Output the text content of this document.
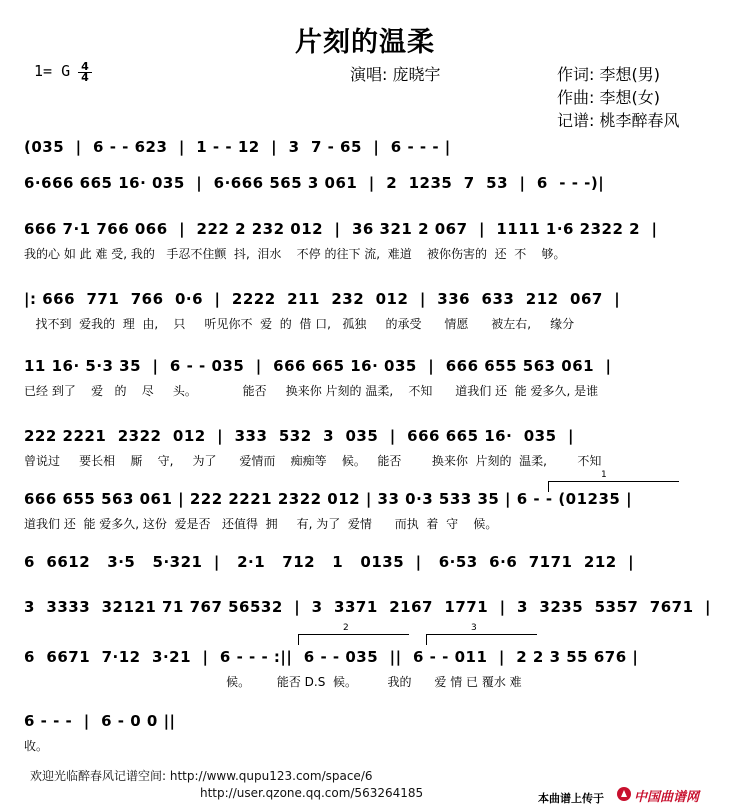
片刻的温柔
1= G 4
4	演唱: 庞晓宇	作词: 李想(男)
作曲: 李想(女)
记谱: 桃李醉春风
(035  |  6 - - 623  |  1 - - 12  |  3  7 - 65  |  6 - - - |
6·666 665 16· 035  |  6·666 565 3 061  |  2  1235  7  53  |  6  - - -)|
666 7·1 766 066  |  222 2 232 012  |  36 321 2 067  |  1111 1·6 2322 2  |
我的心 如 此 难 受, 我的   手忍不住颤  抖,  泪水    不停 的往下 流,  难道    被你伤害的  还  不    够。
|: 666  771  766  0·6  |  2222  211  232  012  |  336  633  212  067  |
找不到  爱我的  理  由,    只     听见你不  爱  的  借 口,   孤独     的承受      情愿      被左右,     缘分
11 16· 5·3 35  |  6 - - 035  |  666 665 16· 035  |  666 655 563 061  |
已经 到了    爱   的    尽     头。            能否     换来你 片刻的 温柔,    不知      道我们 还  能 爱多久, 是谁
222 2221  2322  012  |  333  532  3  035  |  666 665 16·  035  |
曾说过     要长相    厮    守,     为了      爱情而    痴痴等    候。   能否        换来你  片刻的  温柔,        不知
666 655 563 061 | 222 2221 2322 012 | 33 0·3 533 35 | 6 - - (01235 |
道我们 还  能 爱多久, 这份  爱是否   还值得  拥     有, 为了  爱情      而执  着  守    候。
1
6  6612   3·5   5·321  |   2·1   712   1   0135  |   6·53  6·6  7171  212  |
3  3333  32121 71 767 56532  |  3  3371  2167  1771  |  3  3235  5357  7671  |
6  6671  7·12  3·21  |  6 - - - :||  6 - - 035  ||  6 - - 011  |  2 2 3 55 676 |
候。       能否 D.S  候。        我的      爱 情 已 覆水 难
2	3
6 - - -  |  6 - 0 0 ||
收。
欢迎光临醉春风记谱空间: http://www.qupu123.com/space/6
http://user.qzone.qq.com/563264185	本曲谱上传于 中国曲谱网
